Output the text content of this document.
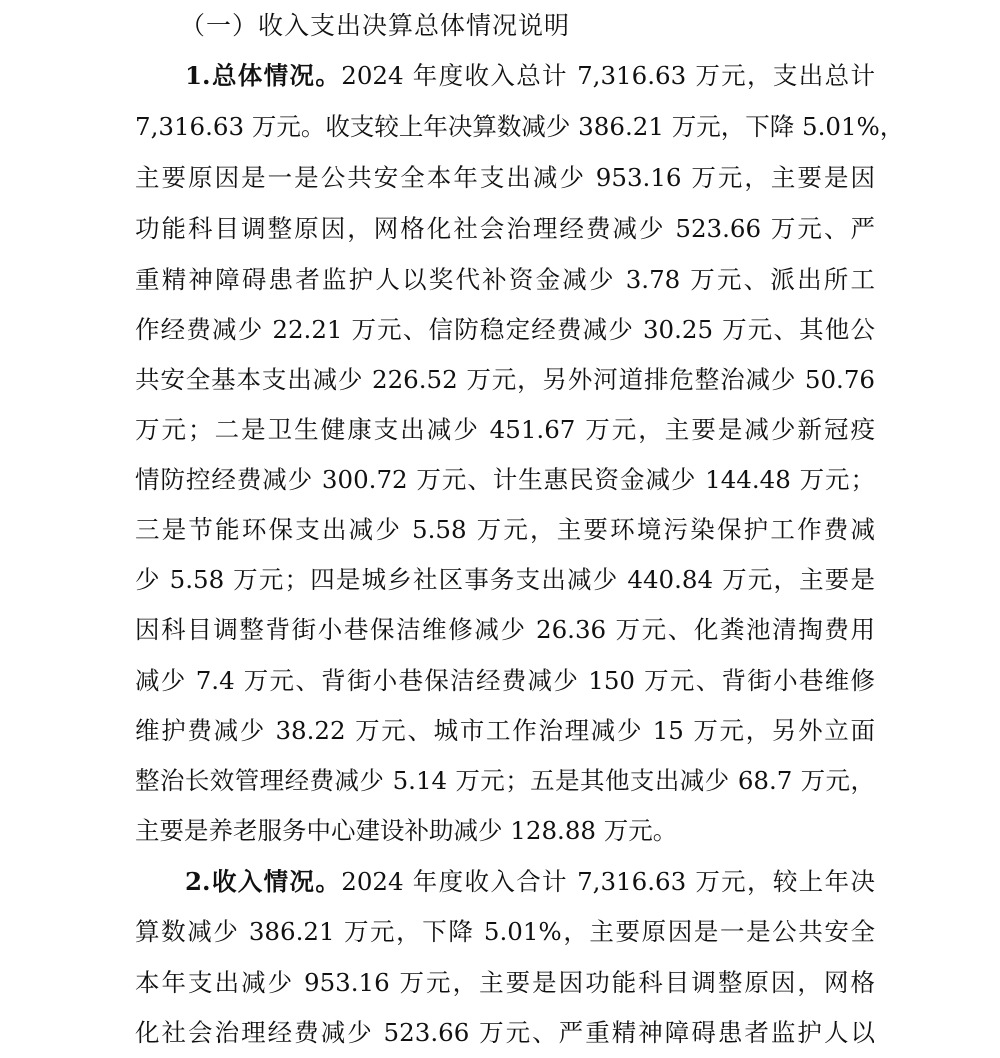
（一）收入支出决算总体情况说明
1.总体情况。2024 年度收入总计 7,316.63 万元，支出总计
7,316.63 万元。收支较上年决算数减少 386.21 万元，下降 5.01%，
主要原因是一是公共安全本年支出减少 953.16 万元，主要是因
功能科目调整原因，网格化社会治理经费减少 523.66 万元、严
重精神障碍患者监护人以奖代补资金减少 3.78 万元、派出所工
作经费减少 22.21 万元、信防稳定经费减少 30.25 万元、其他公
共安全基本支出减少 226.52 万元，另外河道排危整治减少 50.76
万元；二是卫生健康支出减少 451.67 万元，主要是减少新冠疫
情防控经费减少 300.72 万元、计生惠民资金减少 144.48 万元；
三是节能环保支出减少 5.58 万元，主要环境污染保护工作费减
少 5.58 万元；四是城乡社区事务支出减少 440.84 万元，主要是
因科目调整背街小巷保洁维修减少 26.36 万元、化粪池清掏费用
减少 7.4 万元、背街小巷保洁经费减少 150 万元、背街小巷维修
维护费减少 38.22 万元、城市工作治理减少 15 万元，另外立面
整治长效管理经费减少 5.14 万元；五是其他支出减少 68.7 万元，
主要是养老服务中心建设补助减少 128.88 万元。
2.收入情况。2024 年度收入合计 7,316.63 万元，较上年决
算数减少 386.21 万元，下降 5.01%，主要原因是一是公共安全
本年支出减少 953.16 万元，主要是因功能科目调整原因，网格
化社会治理经费减少 523.66 万元、严重精神障碍患者监护人以
